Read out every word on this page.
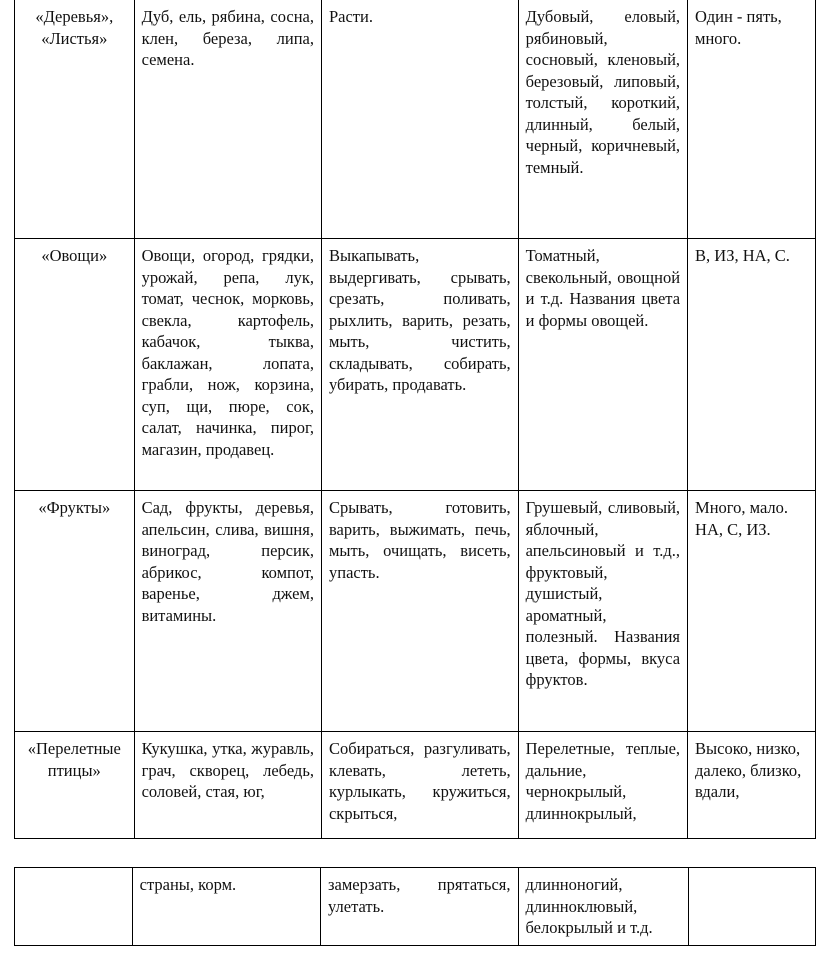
«Деревья», «Листья»	Дуб, ель, рябина, сосна, клен, береза, липа, семена.	Расти.	Дубовый, еловый, рябиновый, сосновый, кленовый, березовый, липовый, толстый, короткий, длинный, белый, черный, коричневый, темный.	Один - пять, много.
«Овощи»	Овощи, огород, грядки, урожай, репа, лук, томат, чеснок, морковь, свекла, картофель, кабачок, тыква, баклажан, лопата, грабли, нож, корзина, суп, щи, пюре, сок, салат, начинка, пирог, магазин, продавец.	Выкапывать, выдергивать, срывать, срезать, поливать, рыхлить, варить, резать, мыть, чистить, складывать, собирать, убирать, продавать.	Томатный, свекольный, овощной и т.д. Названия цвета и формы овощей.	В, ИЗ, НА, С.
«Фрукты»	Сад, фрукты, деревья, апельсин, слива, вишня, виноград, персик, абрикос, компот, варенье, джем, витамины.	Срывать, готовить, варить, выжимать, печь, мыть, очищать, висеть, упасть.	Грушевый, сливовый, яблочный, апельсиновый и т.д., фруктовый, душистый, ароматный, полезный. Названия цвета, формы, вкуса фруктов.	Много, мало. НА, С, ИЗ.
«Перелетные птицы»	Кукушка, утка, журавль, грач, скворец, лебедь, соловей, стая, юг,	Собираться, разгуливать, клевать, лететь, курлыкать, кружиться, скрыться,	Перелетные, теплые, дальние, чернокрылый, длиннокрылый,	Высоко, низко, далеко, близко, вдали,
	страны, корм.	замерзать, прятаться, улетать.	длинноногий, длинноклювый, белокрылый и т.д.	
